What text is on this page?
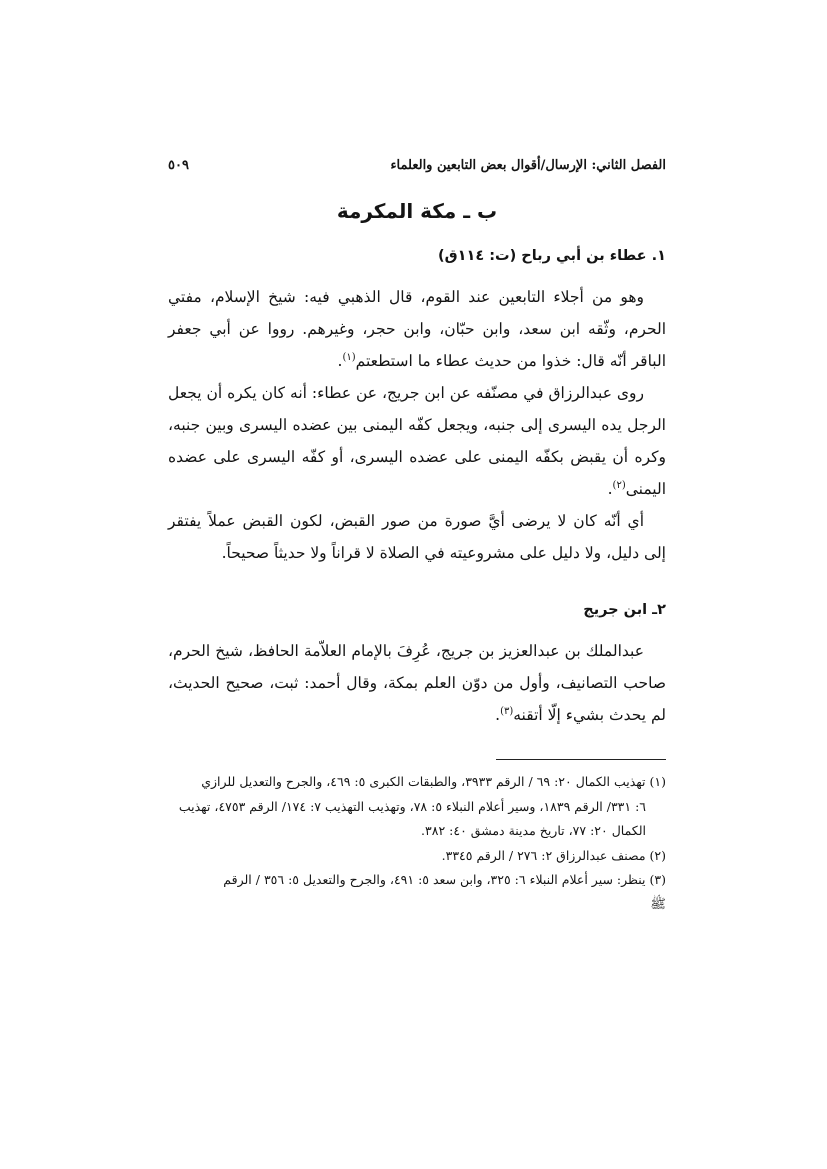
الفصل الثاني: الإرسال/أقوال بعض التابعين والعلماء
٥٠٩
ب ـ مكة المكرمة
١. عطاء بن أبي رباح (ت: ١١٤ق)

وهو من أجلاء التابعين عند القوم، قال الذهبي فيه: شيخ الإسلام، مفتي الحرم، وثّقه ابن سعد، وابن حبّان، وابن حجر، وغيرهم. رووا عن أبي جعفر الباقر أنّه قال: خذوا من حديث عطاء ما استطعتم$^{(١)}$.

روى عبدالرزاق في مصنّفه عن ابن جريج، عن عطاء: أنه كان يكره أن يجعل الرجل يده اليسرى إلى جنبه، ويجعل كفّه اليمنى بين عضده اليسرى وبين جنبه، وكره أن يقبض بكفّه اليمنى على عضده اليسرى، أو كفّه اليسرى على عضده اليمنى$^{(٢)}$.

أي أنّه كان لا يرضى أيَّ صورة من صور القبض، لكون القبض عملاً يفتقر إلى دليل، ولا دليل على مشروعيته في الصلاة لا قراناً ولا حديثاً صحيحاً.

٢ـ ابن جريج

عبدالملك بن عبدالعزيز بن جريج، عُرِفَ بالإمام العلاّمة الحافظ، شيخ الحرم، صاحب التصانيف، وأول من دوّن العلم بمكة، وقال أحمد: ثبت، صحيح الحديث، لم يحدث بشيء إلّا أتقنه$^{(٣)}$.

(١) تهذيب الكمال ٢٠: ٦٩ / الرقم ٣٩٣٣، والطبقات الكبرى ٥: ٤٦٩، والجرح والتعديل للرازي
٦: ٣٣١/ الرقم ١٨٣٩، وسير أعلام النبلاء ٥: ٧٨، وتهذيب التهذيب ٧: ١٧٤/ الرقم ٤٧٥٣، تهذيب الكمال ٢٠: ٧٧، تاريخ مدينة دمشق ٤٠: ٣٨٢.

(٢) مصنف عبدالرزاق ٢: ٢٧٦ / الرقم ٣٣٤٥.

(٣) ينظر: سير أعلام النبلاء ٦: ٣٢٥، وابن سعد ٥: ٤٩١، والجرح والتعديل ٥: ٣٥٦ / الرقم
ﷺ
